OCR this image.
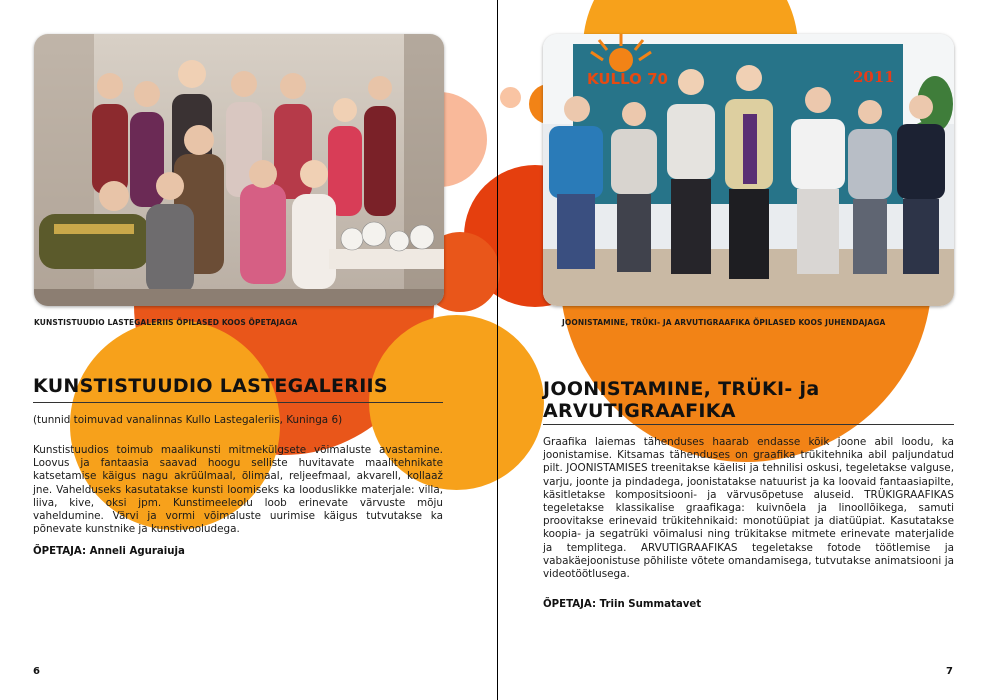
KUNSTISTUUDIO LASTEGALERIIS ÕPILASED KOOS ÕPETAJAGA
KUNSTISTUUDIO LASTEGALERIIS
(tunnid toimuvad vanalinnas Kullo Lastegaleriis, Kuninga 6)
Kunstistuudios toimub maalikunsti mitmekülgsete võimaluste avastamine. Loovus ja fantaasia saavad hoogu selliste huvitavate maalitehnikate katsetamise käigus nagu akrüülmaal, õlimaal, reljeefmaal, akvarell, kollaaž jne. Vahelduseks kasutatakse kunsti loomiseks ka looduslikke materjale: villa, liiva, kive, oksi jpm. Kunstimeeleolu loob erinevate värvuste mõju vaheldumine. Värvi ja vormi võimaluste uurimise käigus tutvutakse ka põnevate kunstnike ja kunstivooludega.
ÕPETAJA: Anneli Aguraiuja
6
KULLO 70	2011
JOONISTAMINE, TRÜKI- JA ARVUTIGRAAFIKA ÕPILASED KOOS JUHENDAJAGA
JOONISTAMINE, TRÜKI- ja
ARVUTIGRAAFIKA
Graafika laiemas tähenduses haarab endasse kõik joone abil loodu, ka joonistamise. Kitsamas tähenduses on graafika trükitehnika abil paljundatud pilt. JOONISTAMISES treenitakse käelisi ja tehnilisi oskusi, tegeletakse valguse, varju, joonte ja pindadega, joonistatakse natuurist ja ka loovaid fantaasiapilte, käsitletakse kompositsiooni- ja värvusõpetuse aluseid. TRÜKIGRAAFIKAS tegeletakse klassikalise graafikaga: kuivnõela ja linoollõikega, samuti proovitakse erinevaid trükitehnikaid: monotüüpiat ja diatüüpiat. Kasutatakse koopia- ja segatrüki võimalusi ning trükitakse mitmete erinevate materjalide ja templitega. ARVUTIGRAAFIKAS tegeletakse fotode töötlemise ja vabakäejoonistuse põhiliste võtete omandamisega, tutvutakse animatsiooni ja videotöötlusega.
ÕPETAJA: Triin Summatavet
7
